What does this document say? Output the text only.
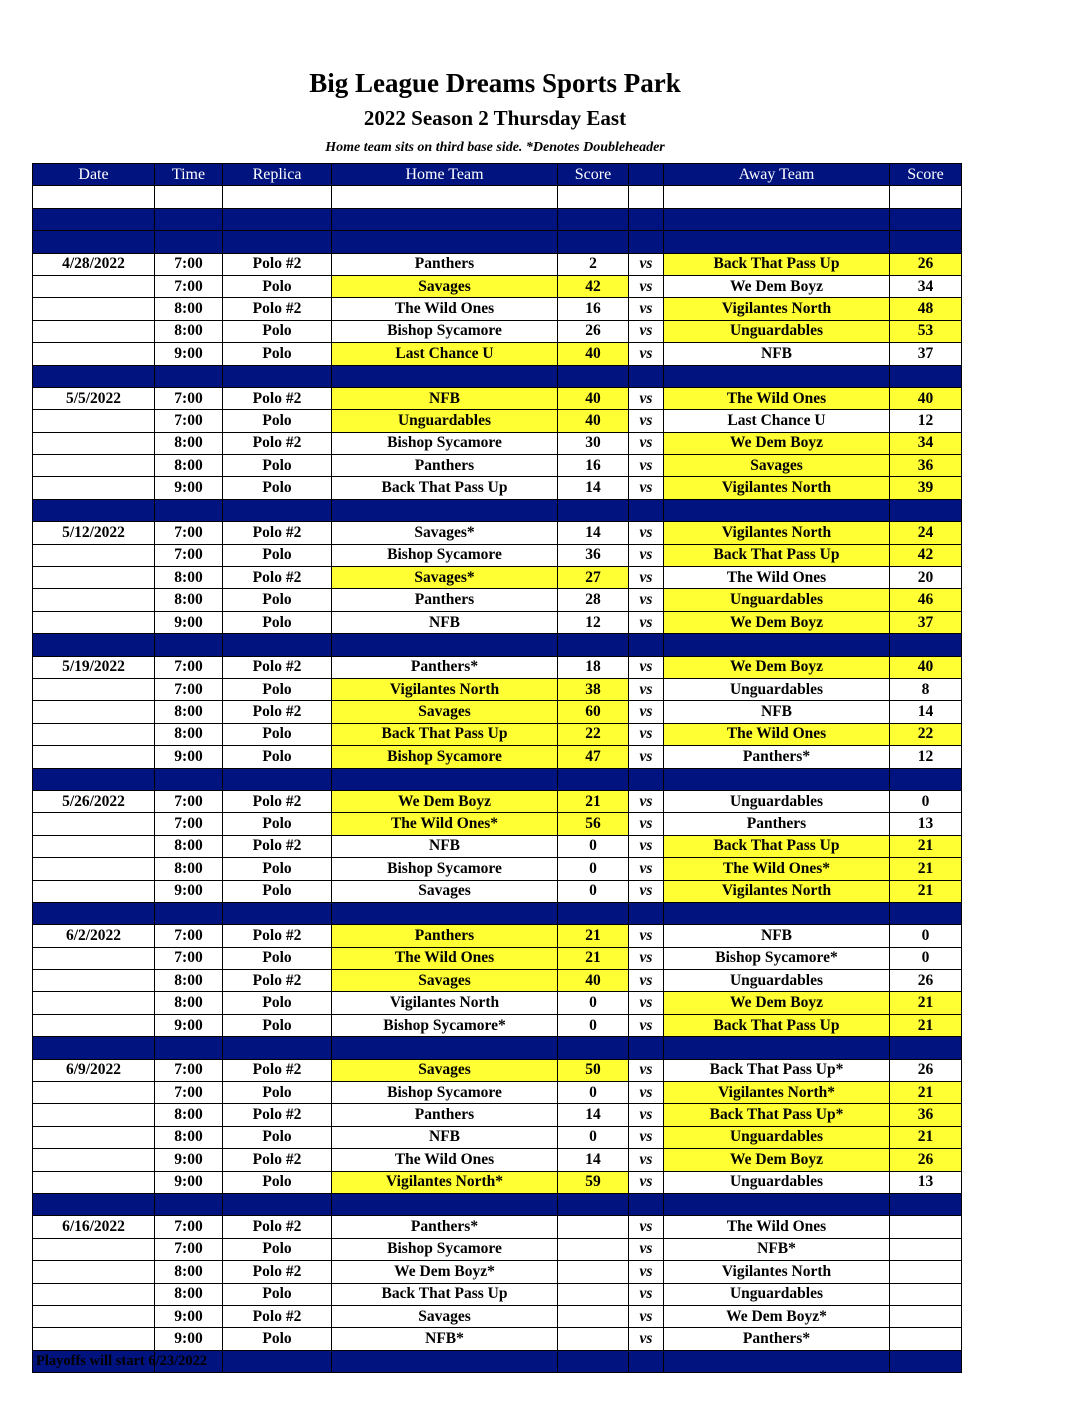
Big League Dreams Sports Park
2022 Season 2 Thursday East
Home team sits on third base side. *Denotes Doubleheader
Date	Time	Replica	Home Team	Score		Away Team	Score

4/28/2022	7:00	Polo #2	Panthers	2	vs	Back That Pass Up	26
	7:00	Polo	Savages	42	vs	We Dem Boyz	34
	8:00	Polo #2	The Wild Ones	16	vs	Vigilantes North	48
	8:00	Polo	Bishop Sycamore	26	vs	Unguardables	53
	9:00	Polo	Last Chance U	40	vs	NFB	37

5/5/2022	7:00	Polo #2	NFB	40	vs	The Wild Ones	40
	7:00	Polo	Unguardables	40	vs	Last Chance U	12
	8:00	Polo #2	Bishop Sycamore	30	vs	We Dem Boyz	34
	8:00	Polo	Panthers	16	vs	Savages	36
	9:00	Polo	Back That Pass Up	14	vs	Vigilantes North	39

5/12/2022	7:00	Polo #2	Savages*	14	vs	Vigilantes North	24
	7:00	Polo	Bishop Sycamore	36	vs	Back That Pass Up	42
	8:00	Polo #2	Savages*	27	vs	The Wild Ones	20
	8:00	Polo	Panthers	28	vs	Unguardables	46
	9:00	Polo	NFB	12	vs	We Dem Boyz	37

5/19/2022	7:00	Polo #2	Panthers*	18	vs	We Dem Boyz	40
	7:00	Polo	Vigilantes North	38	vs	Unguardables	8
	8:00	Polo #2	Savages	60	vs	NFB	14
	8:00	Polo	Back That Pass Up	22	vs	The Wild Ones	22
	9:00	Polo	Bishop Sycamore	47	vs	Panthers*	12

5/26/2022	7:00	Polo #2	We Dem Boyz	21	vs	Unguardables	0
	7:00	Polo	The Wild Ones*	56	vs	Panthers	13
	8:00	Polo #2	NFB	0	vs	Back That Pass Up	21
	8:00	Polo	Bishop Sycamore	0	vs	The Wild Ones*	21
	9:00	Polo	Savages	0	vs	Vigilantes North	21

6/2/2022	7:00	Polo #2	Panthers	21	vs	NFB	0
	7:00	Polo	The Wild Ones	21	vs	Bishop Sycamore*	0
	8:00	Polo #2	Savages	40	vs	Unguardables	26
	8:00	Polo	Vigilantes North	0	vs	We Dem Boyz	21
	9:00	Polo	Bishop Sycamore*	0	vs	Back That Pass Up	21

6/9/2022	7:00	Polo #2	Savages	50	vs	Back That Pass Up*	26
	7:00	Polo	Bishop Sycamore	0	vs	Vigilantes North*	21
	8:00	Polo #2	Panthers	14	vs	Back That Pass Up*	36
	8:00	Polo	NFB	0	vs	Unguardables	21
	9:00	Polo #2	The Wild Ones	14	vs	We Dem Boyz	26
	9:00	Polo	Vigilantes North*	59	vs	Unguardables	13

6/16/2022	7:00	Polo #2	Panthers*		vs	The Wild Ones	
	7:00	Polo	Bishop Sycamore		vs	NFB*	
	8:00	Polo #2	We Dem Boyz*		vs	Vigilantes North	
	8:00	Polo	Back That Pass Up		vs	Unguardables	
	9:00	Polo #2	Savages		vs	We Dem Boyz*	
	9:00	Polo	NFB*		vs	Panthers*	

Playoffs will start 6/23/2022
